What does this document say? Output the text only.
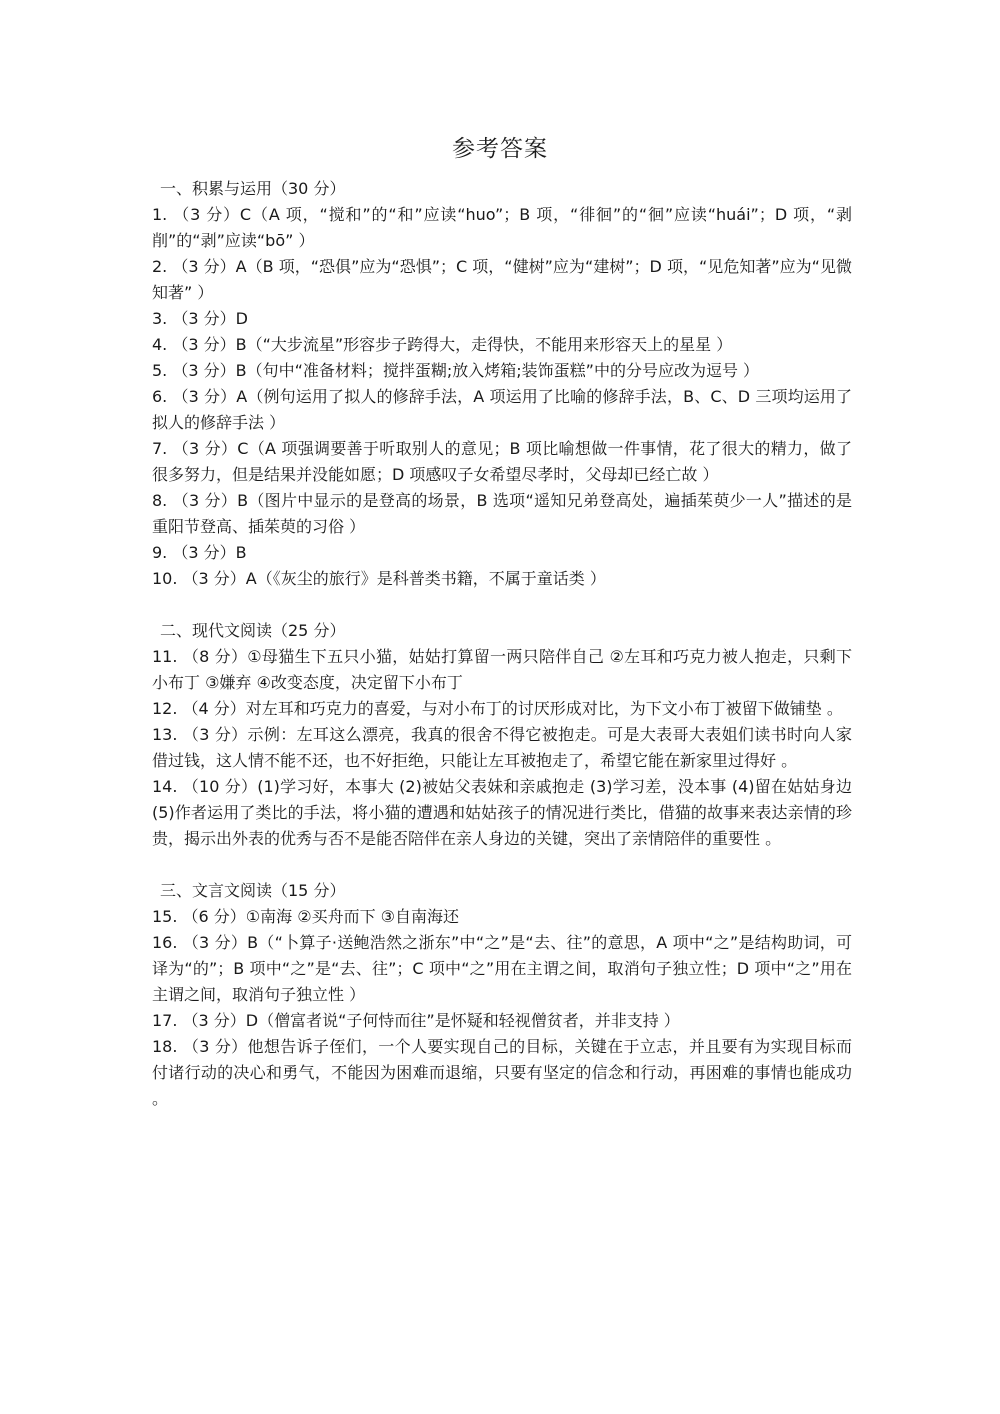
参考答案

一、积累与运用（30 分）

1. （3 分）C（A 项，“搅和”的“和”应读“huo”；B 项，“徘徊”的“徊”应读“huái”；D 项，“剥削”的“剥”应读“bō” ）

2. （3 分）A（B 项，“恐俱”应为“恐惧”；C 项，“健树”应为“建树”；D 项，“见危知著”应为“见微知著” ）

3. （3 分）D

4. （3 分）B（“大步流星”形容步子跨得大，走得快，不能用来形容天上的星星 ）

5. （3 分）B（句中“准备材料；搅拌蛋糊;放入烤箱;装饰蛋糕”中的分号应改为逗号 ）

6. （3 分）A（例句运用了拟人的修辞手法，A 项运用了比喻的修辞手法，B、C、D 三项均运用了拟人的修辞手法 ）

7. （3 分）C（A 项强调要善于听取别人的意见；B 项比喻想做一件事情，花了很大的精力，做了很多努力，但是结果并没能如愿；D 项感叹子女希望尽孝时，父母却已经亡故 ）

8. （3 分）B（图片中显示的是登高的场景，B 选项“遥知兄弟登高处，遍插茱萸少一人”描述的是重阳节登高、插茱萸的习俗 ）

9. （3 分）B

10. （3 分）A（《灰尘的旅行》是科普类书籍，不属于童话类 ）

二、现代文阅读（25 分）

11. （8 分）①母猫生下五只小猫，姑姑打算留一两只陪伴自己 ②左耳和巧克力被人抱走，只剩下小布丁 ③嫌弃 ④改变态度，决定留下小布丁

12. （4 分）对左耳和巧克力的喜爱，与对小布丁的讨厌形成对比，为下文小布丁被留下做铺垫 。

13. （3 分）示例：左耳这么漂亮，我真的很舍不得它被抱走。可是大表哥大表姐们读书时向人家借过钱，这人情不能不还，也不好拒绝，只能让左耳被抱走了，希望它能在新家里过得好 。

14. （10 分）(1)学习好，本事大 (2)被姑父表妹和亲戚抱走 (3)学习差，没本事 (4)留在姑姑身边 (5)作者运用了类比的手法，将小猫的遭遇和姑姑孩子的情况进行类比，借猫的故事来表达亲情的珍贵，揭示出外表的优秀与否不是能否陪伴在亲人身边的关键，突出了亲情陪伴的重要性 。

三、文言文阅读（15 分）

15. （6 分）①南海 ②买舟而下 ③自南海还

16. （3 分）B（“卜算子·送鲍浩然之浙东”中“之”是“去、往”的意思，A 项中“之”是结构助词，可译为“的”；B 项中“之”是“去、往”；C 项中“之”用在主谓之间，取消句子独立性；D 项中“之”用在主谓之间，取消句子独立性 ）

17. （3 分）D（僧富者说“子何恃而往”是怀疑和轻视僧贫者，并非支持 ）

18. （3 分）他想告诉子侄们，一个人要实现自己的目标，关键在于立志，并且要有为实现目标而付诸行动的决心和勇气，不能因为困难而退缩，只要有坚定的信念和行动，再困难的事情也能成功 。
